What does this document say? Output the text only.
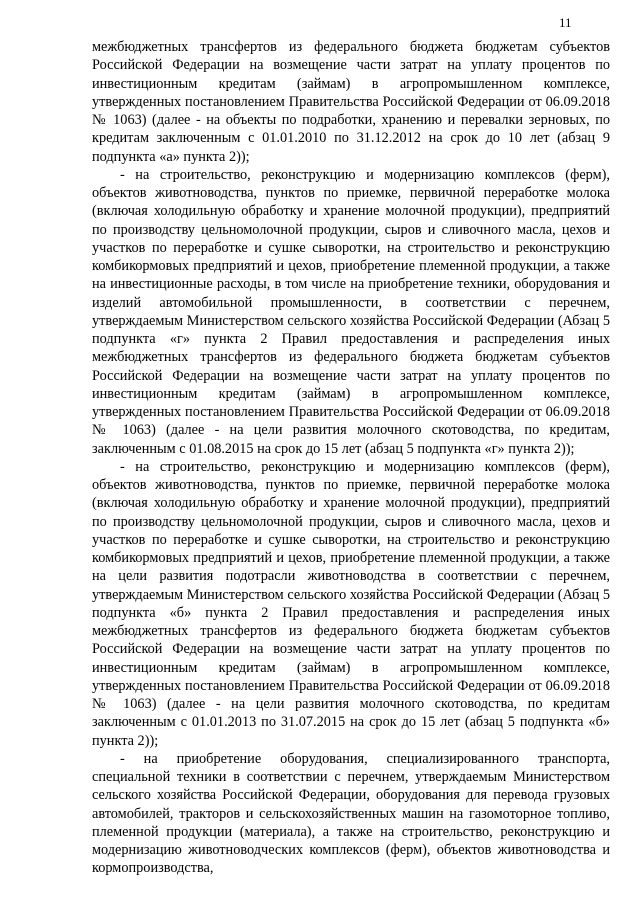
11

межбюджетных трансфертов из федерального бюджета бюджетам субъектов Российской Федерации на возмещение части затрат на уплату процентов по инвестиционным кредитам (займам) в агропромышленном комплексе, утвержденных постановлением Правительства Российской Федерации от 06.09.2018 № 1063) (далее - на объекты по подработки, хранению и перевалки зерновых, по кредитам заключенным с 01.01.2010 по 31.12.2012 на срок до 10 лет (абзац 9 подпункта «а» пункта 2));

- на строительство, реконструкцию и модернизацию комплексов (ферм), объектов животноводства, пунктов по приемке, первичной переработке молока (включая холодильную обработку и хранение молочной продукции), предприятий по производству цельномолочной продукции, сыров и сливочного масла, цехов и участков по переработке и сушке сыворотки, на строительство и реконструкцию комбикормовых предприятий и цехов, приобретение племенной продукции, а также на инвестиционные расходы, в том числе на приобретение техники, оборудования и изделий автомобильной промышленности, в соответствии с перечнем, утверждаемым Министерством сельского хозяйства Российской Федерации (Абзац 5 подпункта «г» пункта 2 Правил предоставления и распределения иных межбюджетных трансфертов из федерального бюджета бюджетам субъектов Российской Федерации на возмещение части затрат на уплату процентов по инвестиционным кредитам (займам) в агропромышленном комплексе, утвержденных постановлением Правительства Российской Федерации от 06.09.2018 № 1063) (далее - на цели развития молочного скотоводства, по кредитам, заключенным с 01.08.2015 на срок до 15 лет (абзац 5 подпункта «г» пункта 2));

- на строительство, реконструкцию и модернизацию комплексов (ферм), объектов животноводства, пунктов по приемке, первичной переработке молока (включая холодильную обработку и хранение молочной продукции), предприятий по производству цельномолочной продукции, сыров и сливочного масла, цехов и участков по переработке и сушке сыворотки, на строительство и реконструкцию комбикормовых предприятий и цехов, приобретение племенной продукции, а также на цели развития подотрасли животноводства в соответствии с перечнем, утверждаемым Министерством сельского хозяйства Российской Федерации (Абзац 5 подпункта «б» пункта 2 Правил предоставления и распределения иных межбюджетных трансфертов из федерального бюджета бюджетам субъектов Российской Федерации на возмещение части затрат на уплату процентов по инвестиционным кредитам (займам) в агропромышленном комплексе, утвержденных постановлением Правительства Российской Федерации от 06.09.2018 № 1063) (далее - на цели развития молочного скотоводства, по кредитам заключенным с 01.01.2013 по 31.07.2015 на срок до 15 лет (абзац 5 подпункта «б» пункта 2));

- на приобретение оборудования, специализированного транспорта, специальной техники в соответствии с перечнем, утверждаемым Министерством сельского хозяйства Российской Федерации, оборудования для перевода грузовых автомобилей, тракторов и сельскохозяйственных машин на газомоторное топливо, племенной продукции (материала), а также на строительство, реконструкцию и модернизацию животноводческих комплексов (ферм), объектов животноводства и кормопроизводства,
